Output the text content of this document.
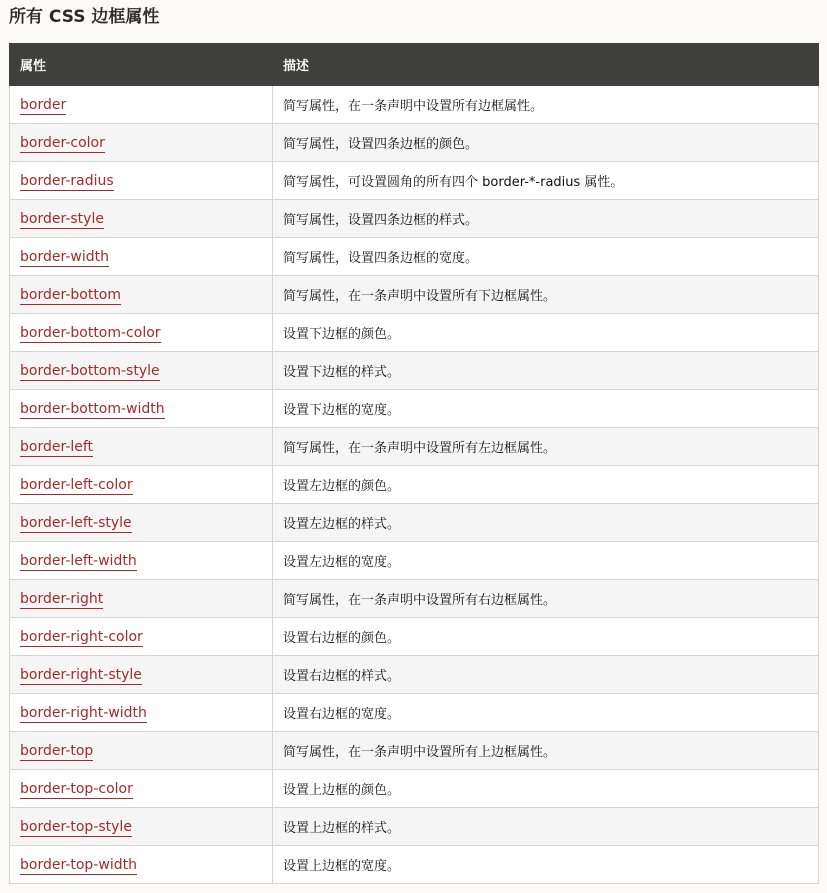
所有 CSS 边框属性
属性	描述
border	简写属性，在一条声明中设置所有边框属性。
border-color	简写属性，设置四条边框的颜色。
border-radius	简写属性，可设置圆角的所有四个 border-*-radius 属性。
border-style	简写属性，设置四条边框的样式。
border-width	简写属性，设置四条边框的宽度。
border-bottom	简写属性，在一条声明中设置所有下边框属性。
border-bottom-color	设置下边框的颜色。
border-bottom-style	设置下边框的样式。
border-bottom-width	设置下边框的宽度。
border-left	简写属性，在一条声明中设置所有左边框属性。
border-left-color	设置左边框的颜色。
border-left-style	设置左边框的样式。
border-left-width	设置左边框的宽度。
border-right	简写属性，在一条声明中设置所有右边框属性。
border-right-color	设置右边框的颜色。
border-right-style	设置右边框的样式。
border-right-width	设置右边框的宽度。
border-top	简写属性，在一条声明中设置所有上边框属性。
border-top-color	设置上边框的颜色。
border-top-style	设置上边框的样式。
border-top-width	设置上边框的宽度。
